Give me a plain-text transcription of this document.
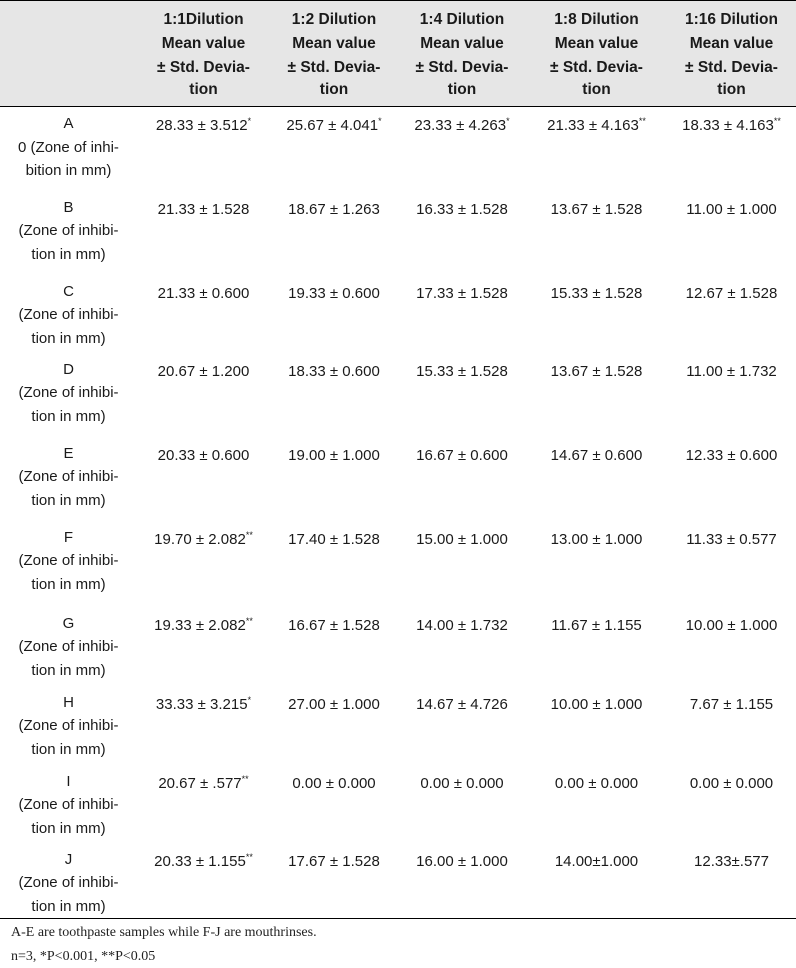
	1:1Dilution
Mean value
± Std. Devia-
tion	1:2 Dilution
Mean value
± Std. Devia-
tion	1:4 Dilution
Mean value
± Std. Devia-
tion	1:8 Dilution
Mean value
± Std. Devia-
tion	1:16 Dilution
Mean value
± Std. Devia-
tion

A
0 (Zone of inhi-
bition in mm)	28.33 ± 3.512*	25.67 ± 4.041*	23.33 ± 4.263*	21.33 ± 4.163**	18.33 ± 4.163**

B
(Zone of inhibi-
tion in mm)	21.33 ± 1.528	18.67 ± 1.263	16.33 ± 1.528	13.67 ± 1.528	11.00 ± 1.000

C
(Zone of inhibi-
tion in mm)	21.33 ± 0.600	19.33 ± 0.600	17.33 ± 1.528	15.33 ± 1.528	12.67 ± 1.528

D
(Zone of inhibi-
tion in mm)	20.67 ± 1.200	18.33 ± 0.600	15.33 ± 1.528	13.67 ± 1.528	11.00 ± 1.732

E
(Zone of inhibi-
tion in mm)	20.33 ± 0.600	19.00 ± 1.000	16.67 ± 0.600	14.67 ± 0.600	12.33 ± 0.600

F
(Zone of inhibi-
tion in mm)	19.70 ± 2.082**	17.40 ± 1.528	15.00 ± 1.000	13.00 ± 1.000	11.33 ± 0.577

G
(Zone of inhibi-
tion in mm)	19.33 ± 2.082**	16.67 ± 1.528	14.00 ± 1.732	11.67 ± 1.155	10.00 ± 1.000

H
(Zone of inhibi-
tion in mm)	33.33 ± 3.215*	27.00 ± 1.000	14.67 ± 4.726	10.00 ± 1.000	7.67 ± 1.155

I
(Zone of inhibi-
tion in mm)	20.67 ± .577**	0.00 ± 0.000	0.00 ± 0.000	0.00 ± 0.000	0.00 ± 0.000

J
(Zone of inhibi-
tion in mm)	20.33 ± 1.155**	17.67 ± 1.528	16.00 ± 1.000	14.00±1.000	12.33±.577
A-E are toothpaste samples while F-J are mouthrinses.
n=3, *P<0.001, **P<0.05
